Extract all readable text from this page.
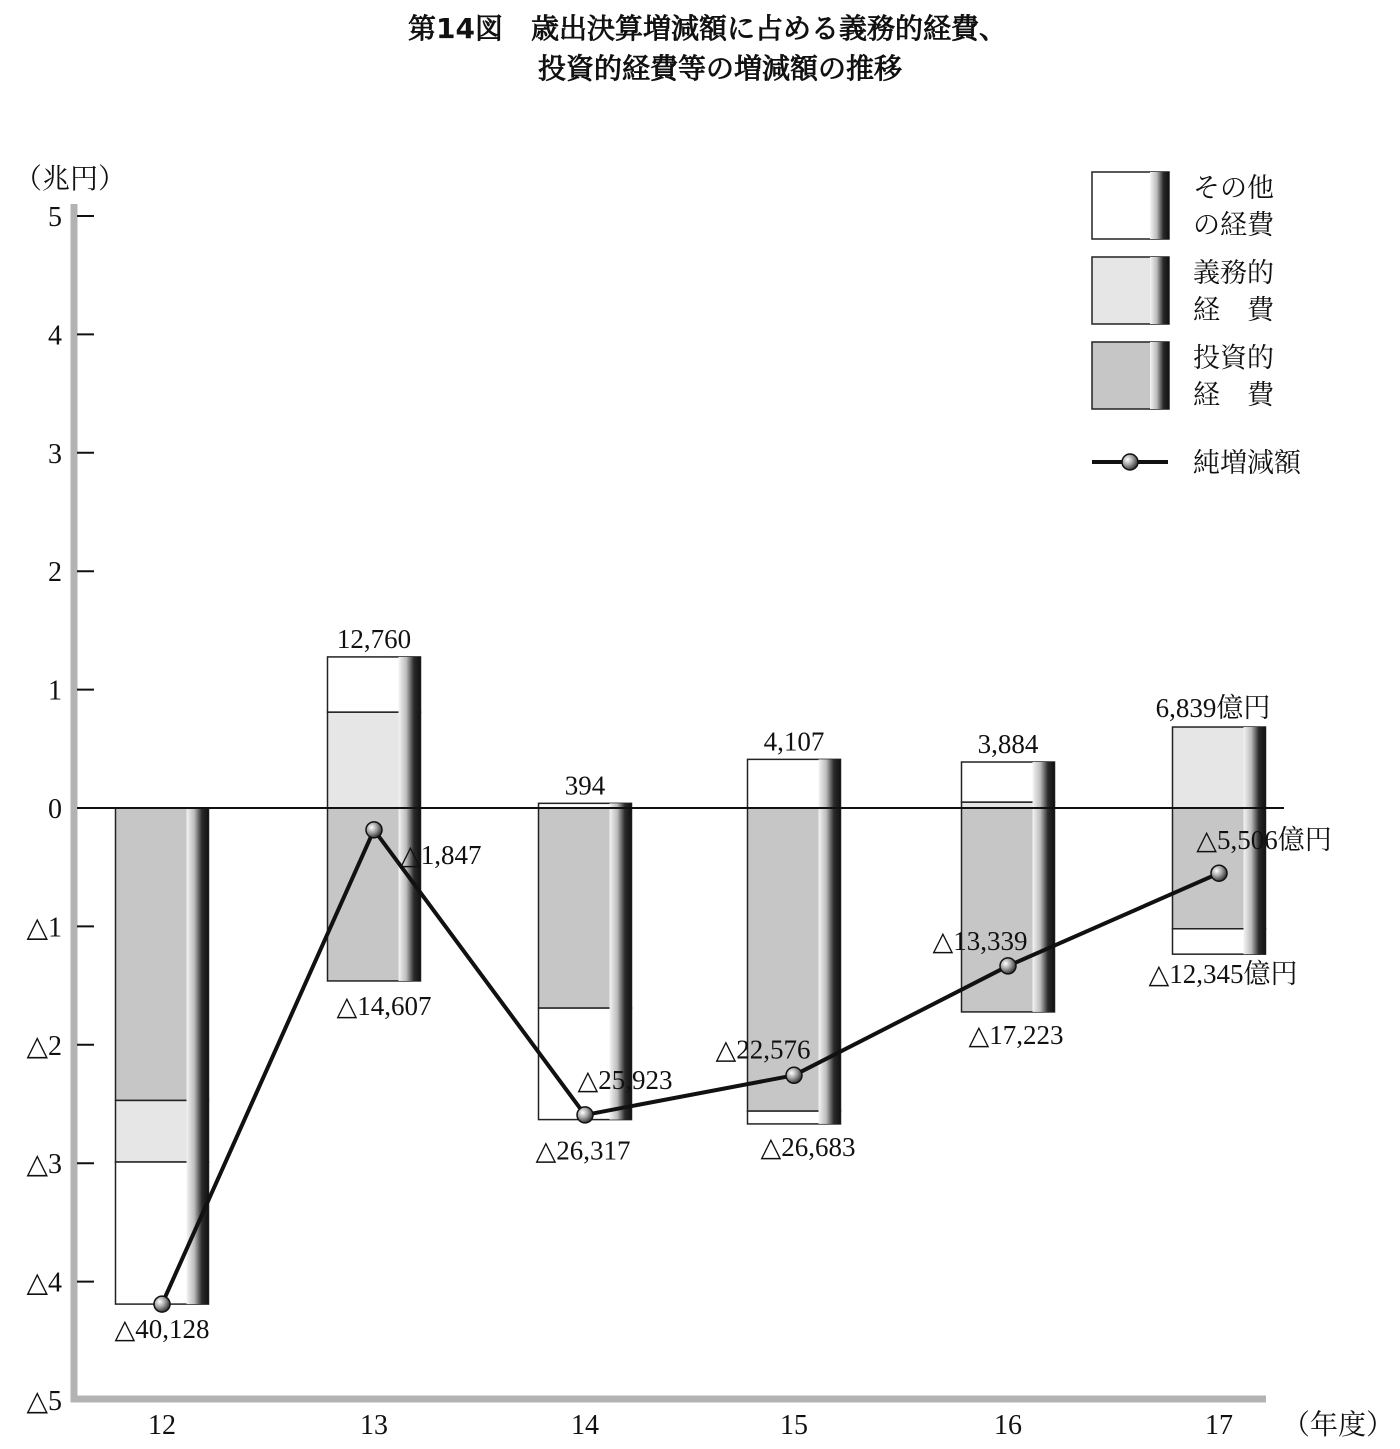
第14図　歳出決算増減額に占める義務的経費、
投資的経費等の増減額の推移
5
4
3
2
1
0
△1
△2
△3
△4
△5
12	13	14	15	16	17
△40,128
12,760
△1,847
△14,607
394
△25,923
△26,317
4,107
△22,576
△26,683
3,884
△13,339
△17,223
6,839億円
△5,506億円
△12,345億円
（兆円）
（年度）
その他
の経費
義務的
経　費
投資的
経　費
純増減額
